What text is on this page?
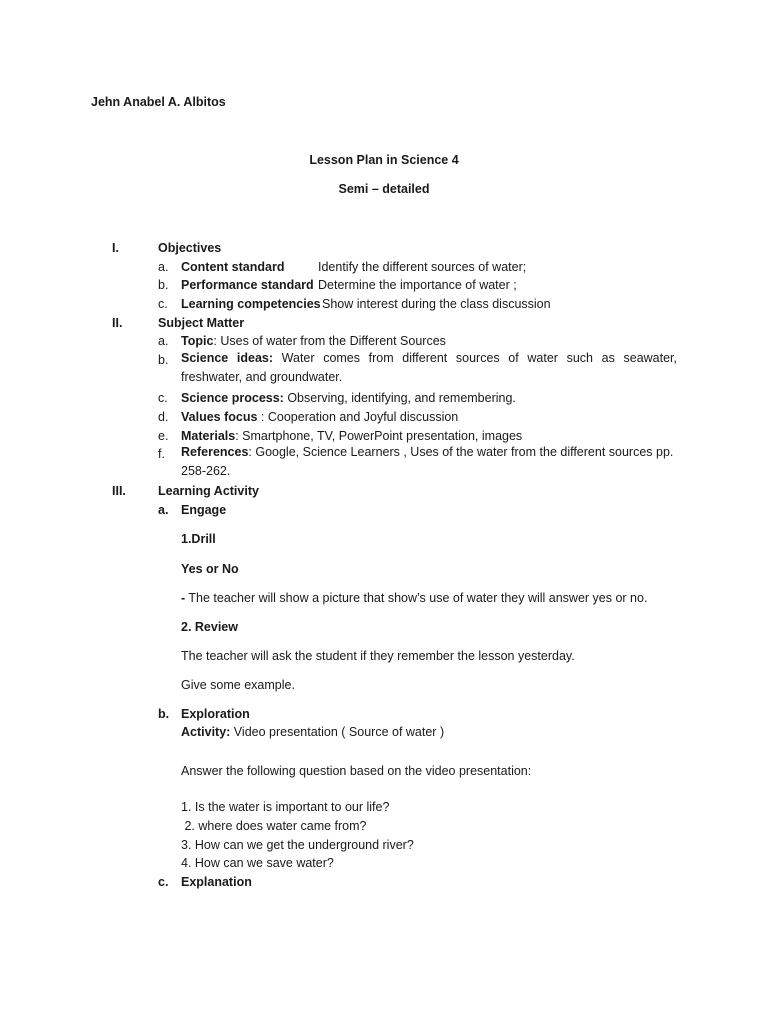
Jehn Anabel A. Albitos
Lesson Plan in Science 4
Semi – detailed
I.	Objectives
a. Content standard	Identify the different sources of water;
b. Performance standard Determine the importance of water ;
c. Learning competencies Show interest during the class discussion
II.	Subject Matter
a. Topic: Uses of water from the Different Sources
b. Science ideas: Water comes from different sources of water such as seawater, freshwater, and groundwater.
c. Science process: Observing, identifying, and remembering.
d. Values focus : Cooperation and Joyful discussion
e. Materials: Smartphone, TV, PowerPoint presentation, images
f. References: Google, Science Learners , Uses of the water from the different sources pp. 258-262.
III.	Learning Activity
a. Engage
1.Drill
Yes or No
- The teacher will show a picture that show’s use of water they will answer yes or no.
2. Review
The teacher will ask the student if they remember the lesson yesterday.
Give some example.
b. Exploration
Activity: Video presentation ( Source of water )
Answer the following question based on the video presentation:
1. Is the water is important to our life?
2. where does water came from?
3. How can we get the underground river?
4. How can we save water?
c. Explanation
